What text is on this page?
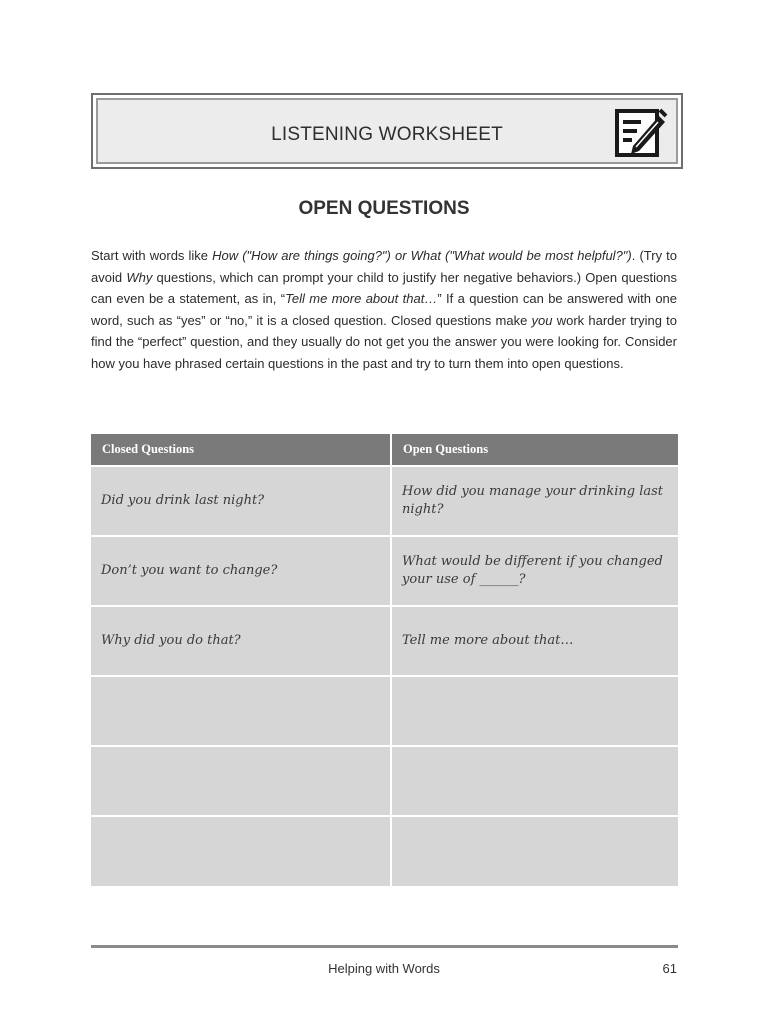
LISTENING WORKSHEET
OPEN QUESTIONS

Start with words like How ("How are things going?") or What ("What would be most helpful?"). (Try to avoid Why questions, which can prompt your child to justify her negative behaviors.) Open questions can even be a statement, as in, “Tell me more about that…” If a question can be answered with one word, such as “yes” or “no,” it is a closed question. Closed questions make you work harder trying to find the “perfect” question, and they usually do not get you the answer you were looking for. Consider how you have phrased certain questions in the past and try to turn them into open questions.

Closed Questions	Open Questions
Did you drink last night?	How did you manage your drinking last night?
Don’t you want to change?	What would be different if you changed your use of ______?
Why did you do that?	Tell me more about that…

Helping with Words	61
